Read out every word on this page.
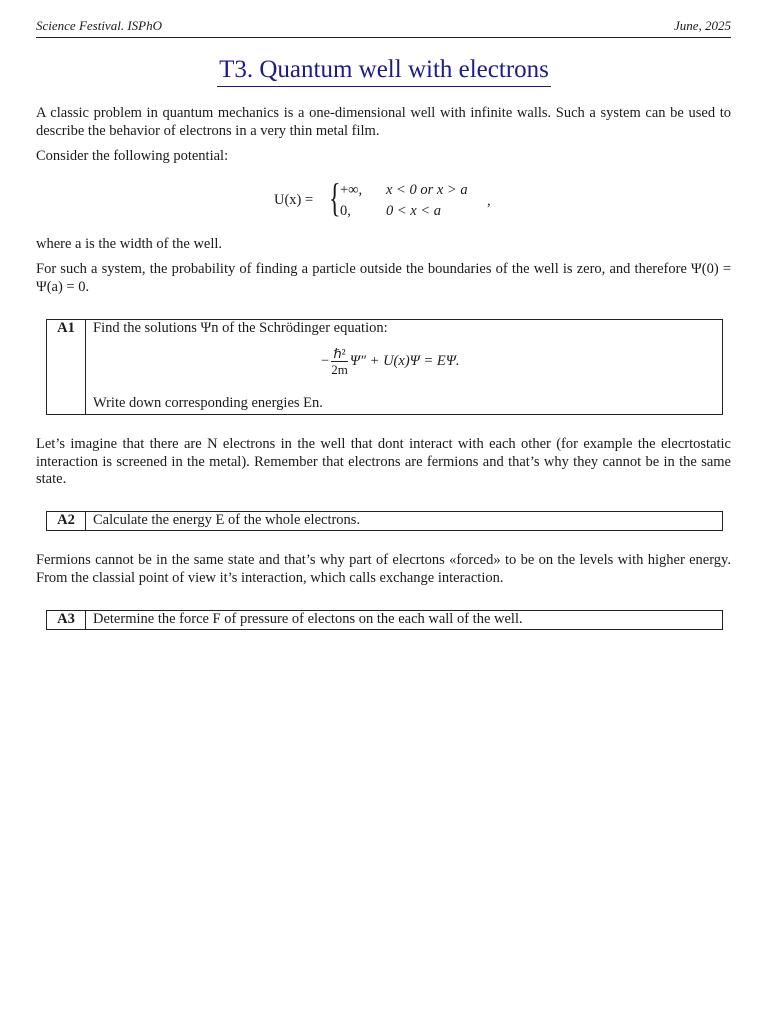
Science Festival. ISPhO	June, 2025
T3. Quantum well with electrons
A classic problem in quantum mechanics is a one-dimensional well with infinite walls. Such a system can be used to describe the behavior of electrons in a very thin metal film.
Consider the following potential:
U(x) = { +∞, x < 0 or x > a
0, 0 < x < a
,
where a is the width of the well.
For such a system, the probability of finding a particle outside the boundaries of the well is zero, and therefore Ψ(0) = Ψ(a) = 0.
A1	Find the solutions Ψn of the Schrödinger equation:
− $\frac{\text{ℏ²}}{2m} \Psi'' + U(x)\Psi = E\Psi$.
Write down corresponding energies En.
Let’s imagine that there are N electrons in the well that dont interact with each other (for example the elecrtostatic interaction is screened in the metal). Remember that electrons are fermions and that’s why they cannot be in the same state.
A2	Calculate the energy E of the whole electrons.
Fermions cannot be in the same state and that’s why part of elecrtons «forced» to be on the levels with higher energy. From the classial point of view it’s interaction, which calls exchange interaction.
A3	Determine the force F of pressure of electons on the each wall of the well.
